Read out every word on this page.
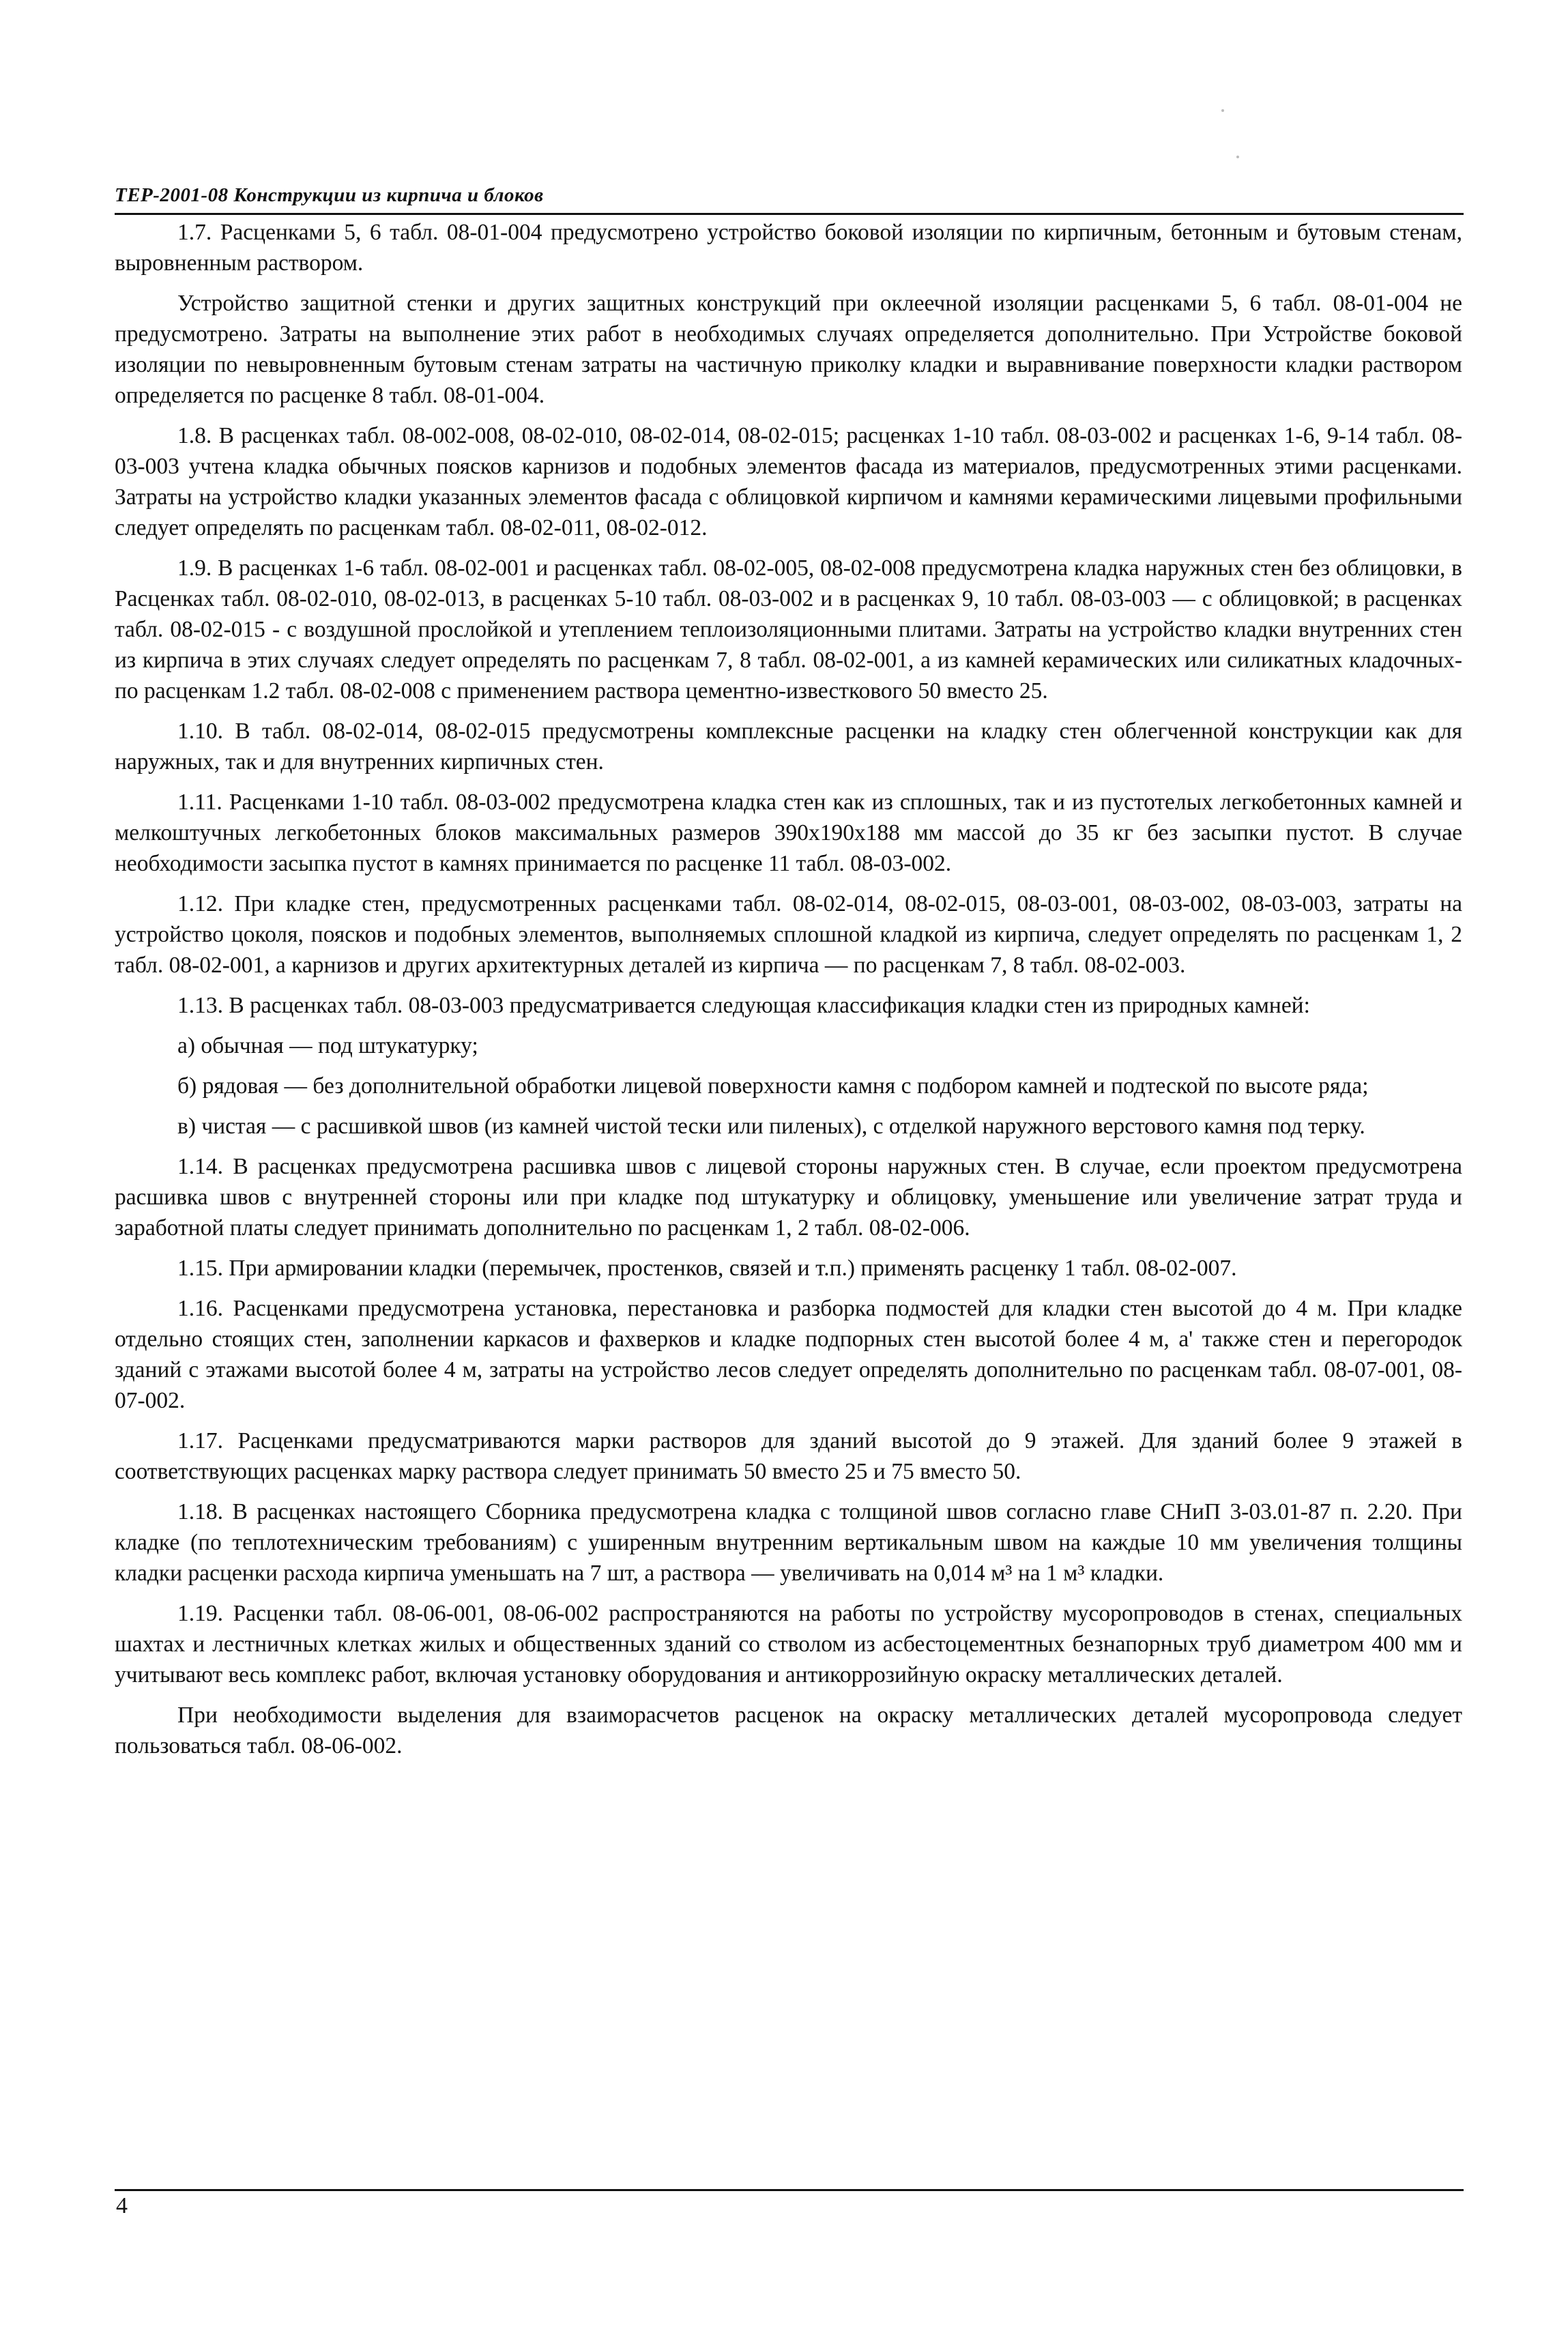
ТЕР-2001-08 Конструкции из кирпича и блоков

1.7. Расценками 5, 6 табл. 08-01-004 предусмотрено устройство боковой изоляции по кирпичным, бетонным и бутовым стенам, выровненным раствором.

Устройство защитной стенки и других защитных конструкций при оклеечной изоляции расценками 5, 6 табл. 08-01-004 не предусмотрено. Затраты на выполнение этих работ в необходимых случаях определяется дополнительно. При Устройстве боковой изоляции по невыровненным бутовым стенам затраты на частичную приколку кладки и выравнивание поверхности кладки раствором определяется по расценке 8 табл. 08-01-004.

1.8. В расценках табл. 08-002-008, 08-02-010, 08-02-014, 08-02-015; расценках 1-10 табл. 08-03-002 и расценках 1-6, 9-14 табл. 08-03-003 учтена кладка обычных поясков карнизов и подобных элементов фасада из материалов, предусмотренных этими расценками. Затраты на устройство кладки указанных элементов фасада с облицовкой кирпичом и камнями керамическими лицевыми профильными следует определять по расценкам табл. 08-02-011, 08-02-012.

1.9. В расценках 1-6 табл. 08-02-001 и расценках табл. 08-02-005, 08-02-008 предусмотрена кладка наружных стен без облицовки, в Расценках табл. 08-02-010, 08-02-013, в расценках 5-10 табл. 08-03-002 и в расценках 9, 10 табл. 08-03-003 — с облицовкой; в расценках табл. 08-02-015 - с воздушной прослойкой и утеплением теплоизоляционными плитами. Затраты на устройство кладки внутренних стен из кирпича в этих случаях следует определять по расценкам 7, 8 табл. 08-02-001, а из камней керамических или силикатных кладочных- по расценкам 1.2 табл. 08-02-008 с применением раствора цементно-известкового 50 вместо 25.

1.10. В табл. 08-02-014, 08-02-015 предусмотрены комплексные расценки на кладку стен облегченной конструкции как для наружных, так и для внутренних кирпичных стен.

1.11. Расценками 1-10 табл. 08-03-002 предусмотрена кладка стен как из сплошных, так и из пустотелых легкобетонных камней и мелкоштучных легкобетонных блоков максимальных размеров 390х190х188 мм массой до 35 кг без засыпки пустот. В случае необходимости засыпка пустот в камнях принимается по расценке 11 табл. 08-03-002.

1.12. При кладке стен, предусмотренных расценками табл. 08-02-014, 08-02-015, 08-03-001, 08-03-002, 08-03-003, затраты на устройство цоколя, поясков и подобных элементов, выполняемых сплошной кладкой из кирпича, следует определять по расценкам 1, 2 табл. 08-02-001, а карнизов и других архитектурных деталей из кирпича — по расценкам 7, 8 табл. 08-02-003.

1.13. В расценках табл. 08-03-003 предусматривается следующая классификация кладки стен из природных камней:

а) обычная — под штукатурку;

б) рядовая — без дополнительной обработки лицевой поверхности камня с подбором камней и подтеской по высоте ряда;

в) чистая — с расшивкой швов (из камней чистой тески или пиленых), с отделкой наружного верстового камня под терку.

1.14. В расценках предусмотрена расшивка швов с лицевой стороны наружных стен. В случае, если проектом предусмотрена расшивка швов с внутренней стороны или при кладке под штукатурку и облицовку, уменьшение или увеличение затрат труда и заработной платы следует принимать дополнительно по расценкам 1, 2 табл. 08-02-006.

1.15. При армировании кладки (перемычек, простенков, связей и т.п.) применять расценку 1 табл. 08-02-007.

1.16. Расценками предусмотрена установка, перестановка и разборка подмостей для кладки стен высотой до 4 м. При кладке отдельно стоящих стен, заполнении каркасов и фахверков и кладке подпорных стен высотой более 4 м, а' также стен и перегородок зданий с этажами высотой более 4 м, затраты на устройство лесов следует определять дополнительно по расценкам табл. 08-07-001, 08-07-002.

1.17. Расценками предусматриваются марки растворов для зданий высотой до 9 этажей. Для зданий более 9 этажей в соответствующих расценках марку раствора следует принимать 50 вместо 25 и 75 вместо 50.

1.18. В расценках настоящего Сборника предусмотрена кладка с толщиной швов согласно главе СНиП 3-03.01-87 п. 2.20. При кладке (по теплотехническим требованиям) с уширенным внутренним вертикальным швом на каждые 10 мм увеличения толщины кладки расценки расхода кирпича уменьшать на 7 шт, а раствора — увеличивать на 0,014 м³ на 1 м³ кладки.

1.19. Расценки табл. 08-06-001, 08-06-002 распространяются на работы по устройству мусоропроводов в стенах, специальных шахтах и лестничных клетках жилых и общественных зданий со стволом из асбестоцементных безнапорных труб диаметром 400 мм и учитывают весь комплекс работ, включая установку оборудования и антикоррозийную окраску металлических деталей.

При необходимости выделения для взаиморасчетов расценок на окраску металлических деталей мусоропровода следует пользоваться табл. 08-06-002.

4
